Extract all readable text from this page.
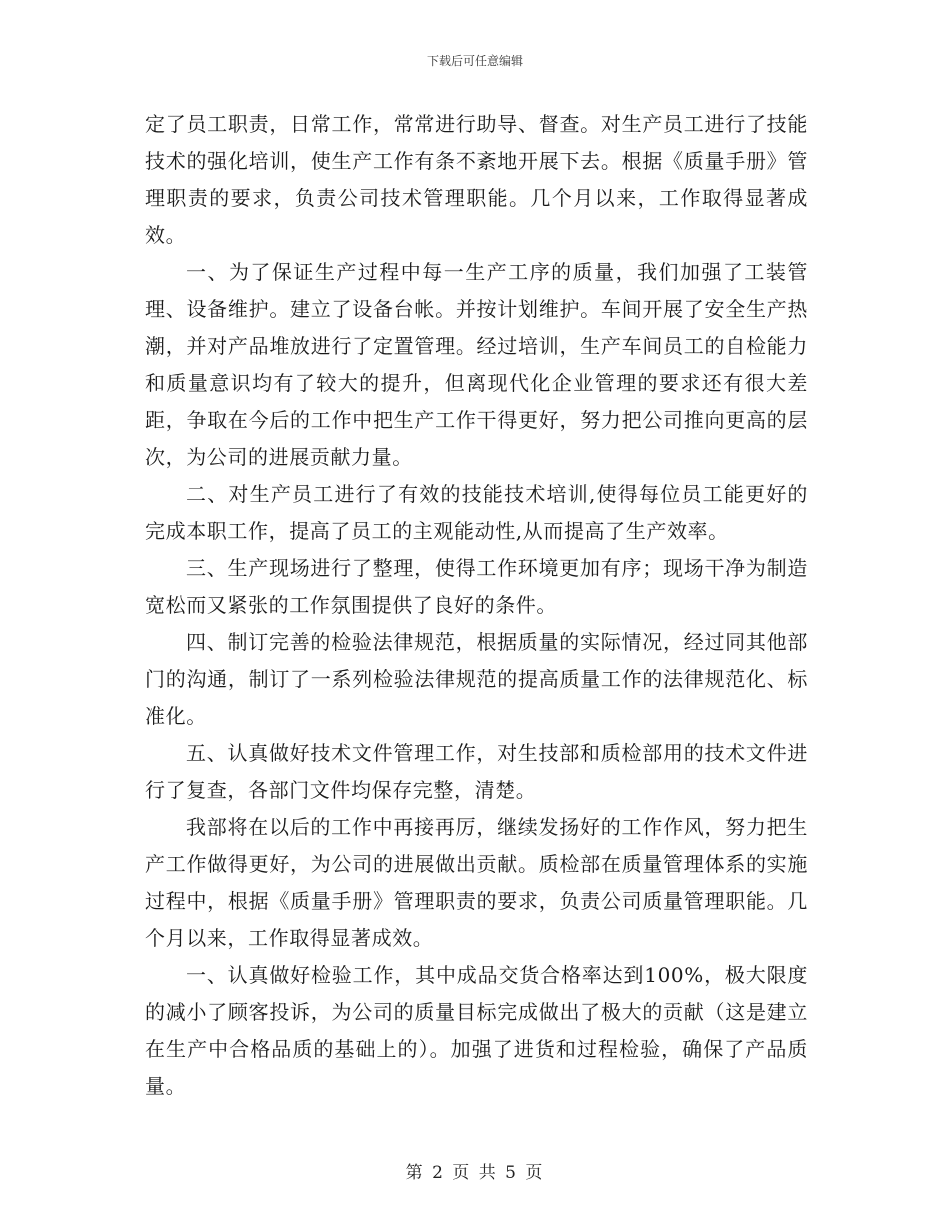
下载后可任意编辑

定了员工职责，日常工作，常常进行助导、督查。对生产员工进行了技能技术的强化培训，使生产工作有条不紊地开展下去。根据《质量手册》管理职责的要求，负责公司技术管理职能。几个月以来，工作取得显著成效。

一、为了保证生产过程中每一生产工序的质量，我们加强了工装管理、设备维护。建立了设备台帐。并按计划维护。车间开展了安全生产热潮，并对产品堆放进行了定置管理。经过培训，生产车间员工的自检能力和质量意识均有了较大的提升，但离现代化企业管理的要求还有很大差距，争取在今后的工作中把生产工作干得更好，努力把公司推向更高的层次，为公司的进展贡献力量。

二、对生产员工进行了有效的技能技术培训,使得每位员工能更好的完成本职工作，提高了员工的主观能动性,从而提高了生产效率。

三、生产现场进行了整理，使得工作环境更加有序；现场干净为制造宽松而又紧张的工作氛围提供了良好的条件。

四、制订完善的检验法律规范，根据质量的实际情况，经过同其他部门的沟通，制订了一系列检验法律规范的提高质量工作的法律规范化、标准化。

五、认真做好技术文件管理工作，对生技部和质检部用的技术文件进行了复查，各部门文件均保存完整，清楚。

我部将在以后的工作中再接再厉，继续发扬好的工作作风，努力把生产工作做得更好，为公司的进展做出贡献。质检部在质量管理体系的实施过程中，根据《质量手册》管理职责的要求，负责公司质量管理职能。几个月以来，工作取得显著成效。

一、认真做好检验工作，其中成品交货合格率达到100%，极大限度的减小了顾客投诉，为公司的质量目标完成做出了极大的贡献（这是建立在生产中合格品质的基础上的）。加强了进货和过程检验，确保了产品质量。

第 2 页 共 5 页
